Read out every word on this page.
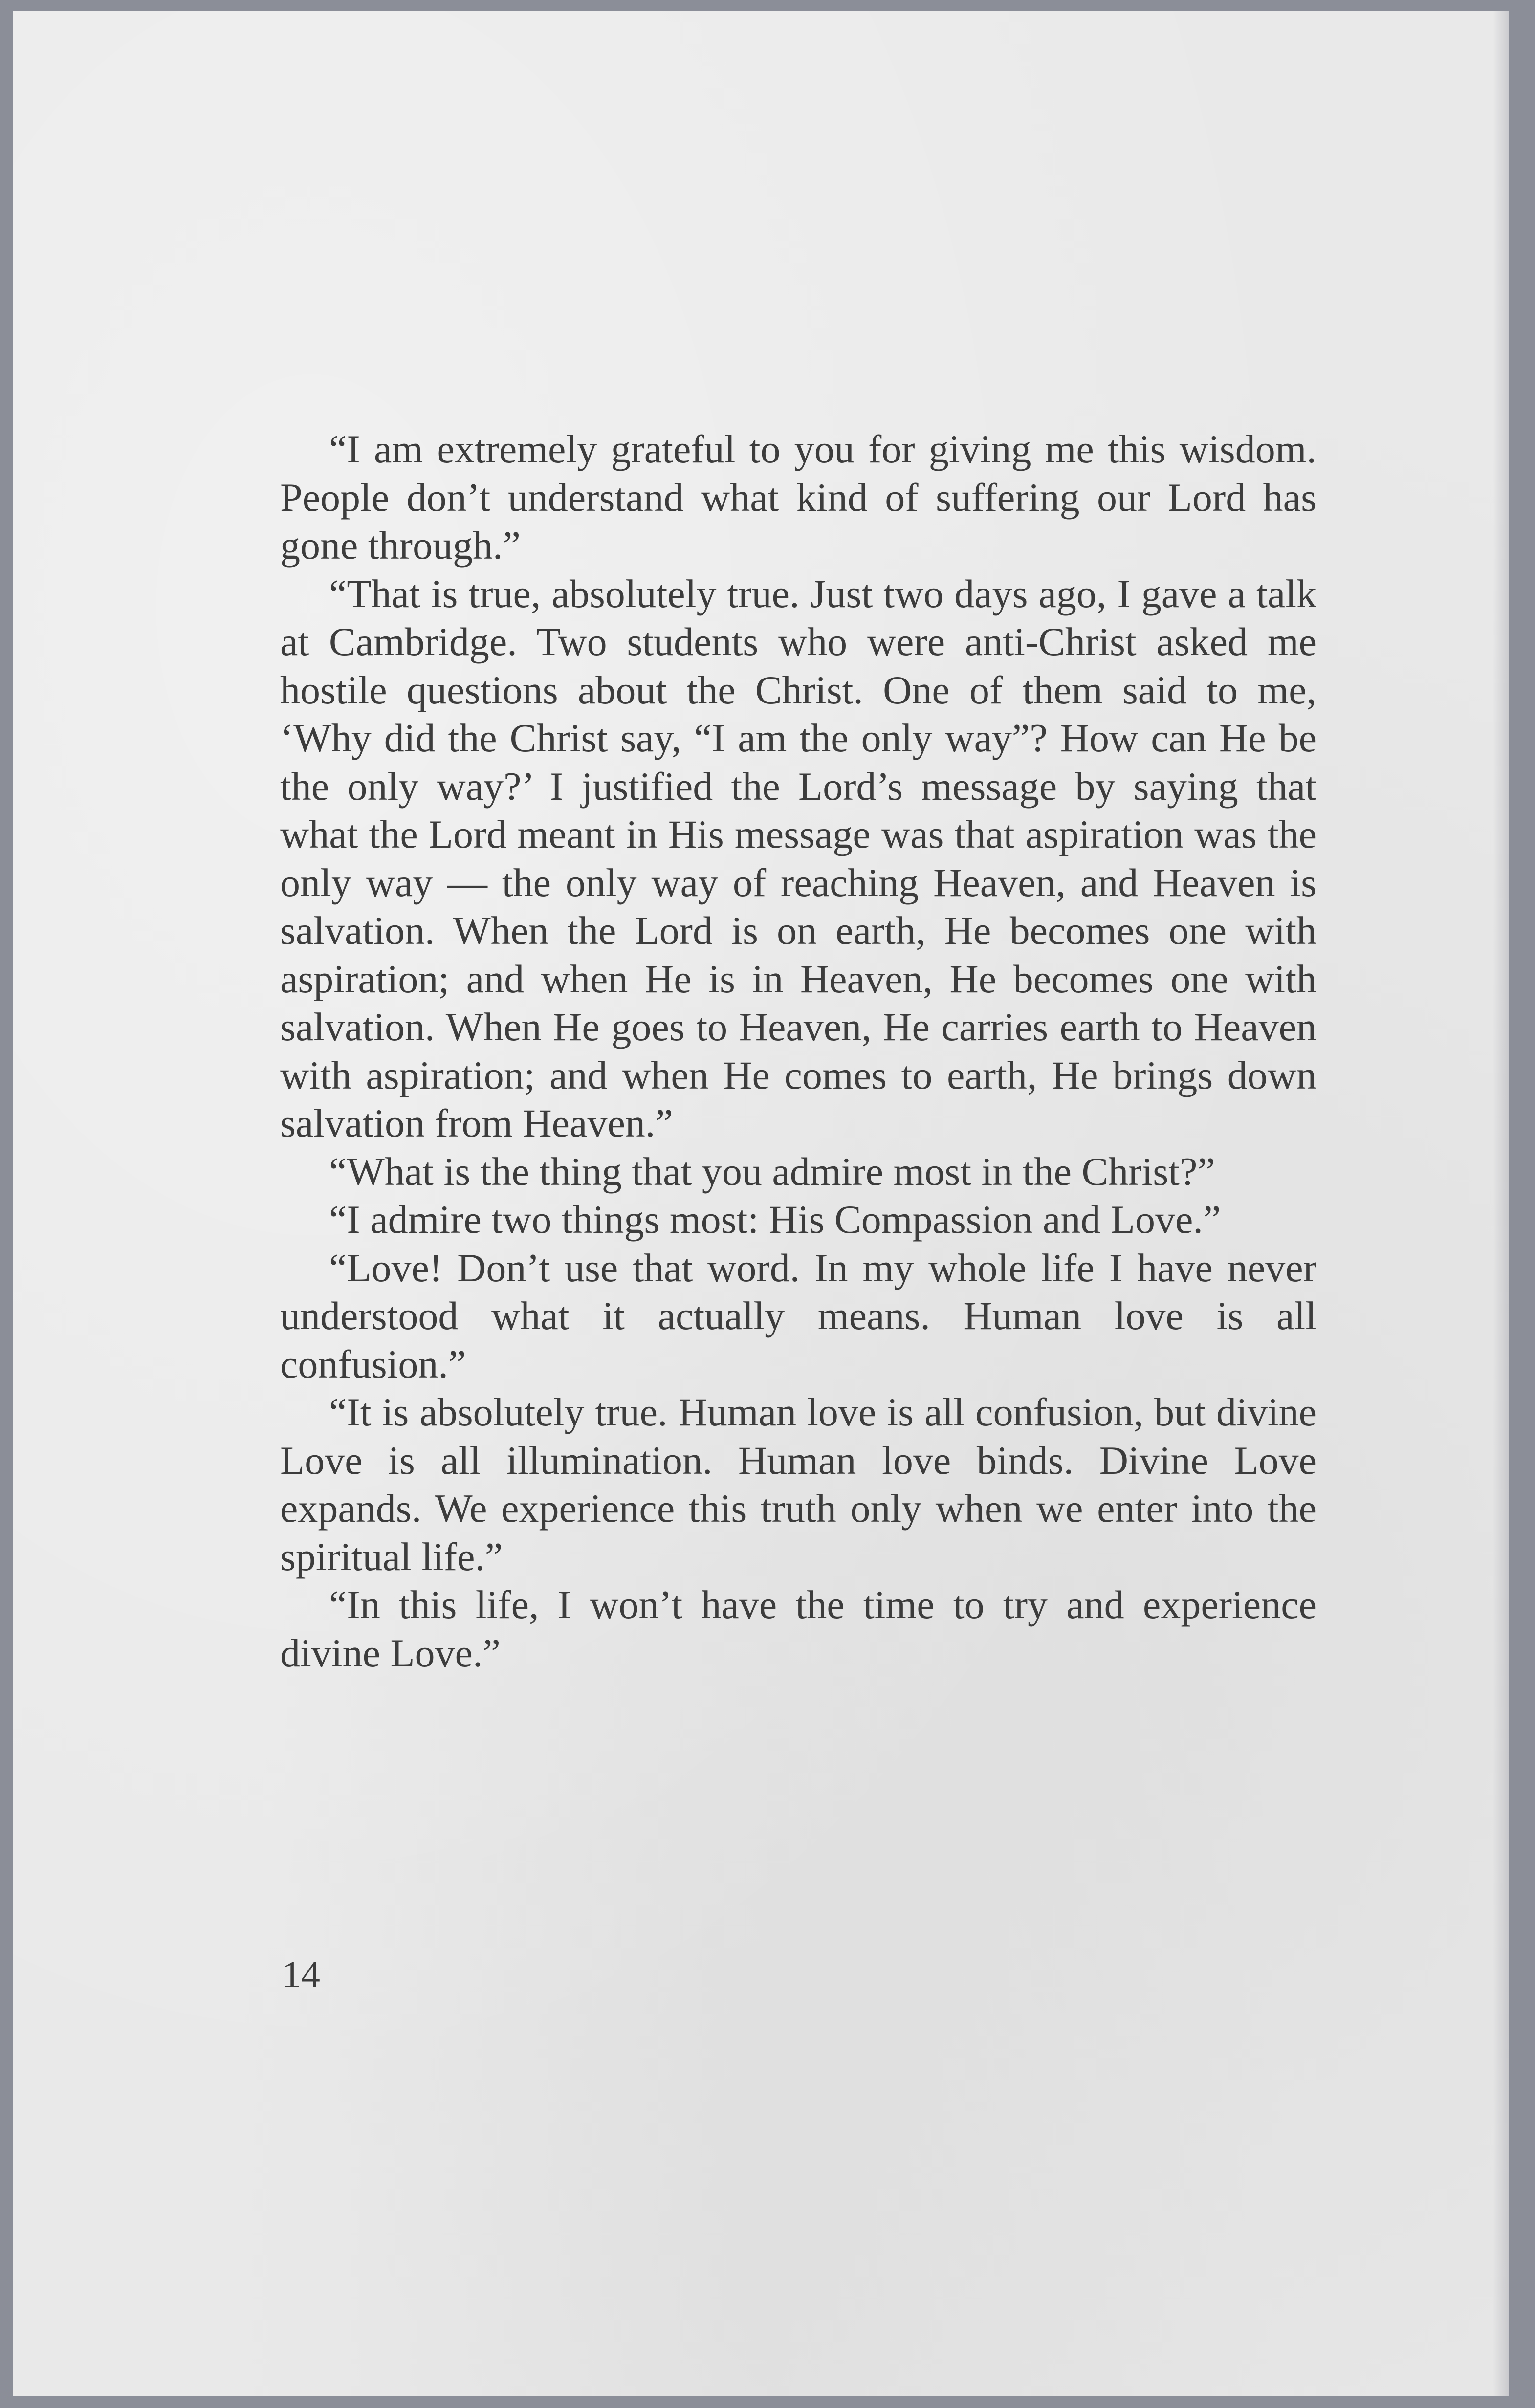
“I am extremely grateful to you for giving me this wisdom. People don’t understand what kind of suffering our Lord has gone through.”

“That is true, absolutely true. Just two days ago, I gave a talk at Cambridge. Two students who were anti-Christ asked me hostile questions about the Christ. One of them said to me, ‘Why did the Christ say, “I am the only way”? How can He be the only way?’ I justified the Lord’s message by saying that what the Lord meant in His message was that aspiration was the only way — the only way of reaching Heaven, and Heaven is salvation. When the Lord is on earth, He becomes one with aspiration; and when He is in Heaven, He becomes one with salvation. When He goes to Heaven, He carries earth to Heaven with aspiration; and when He comes to earth, He brings down salvation from Heaven.”

“What is the thing that you admire most in the Christ?”

“I admire two things most: His Compassion and Love.”

“Love! Don’t use that word. In my whole life I have never understood what it actually means. Human love is all confusion.”

“It is absolutely true. Human love is all confusion, but divine Love is all illumination. Human love binds. Divine Love expands. We experience this truth only when we enter into the spiritual life.”

“In this life, I won’t have the time to try and experience divine Love.”

14
